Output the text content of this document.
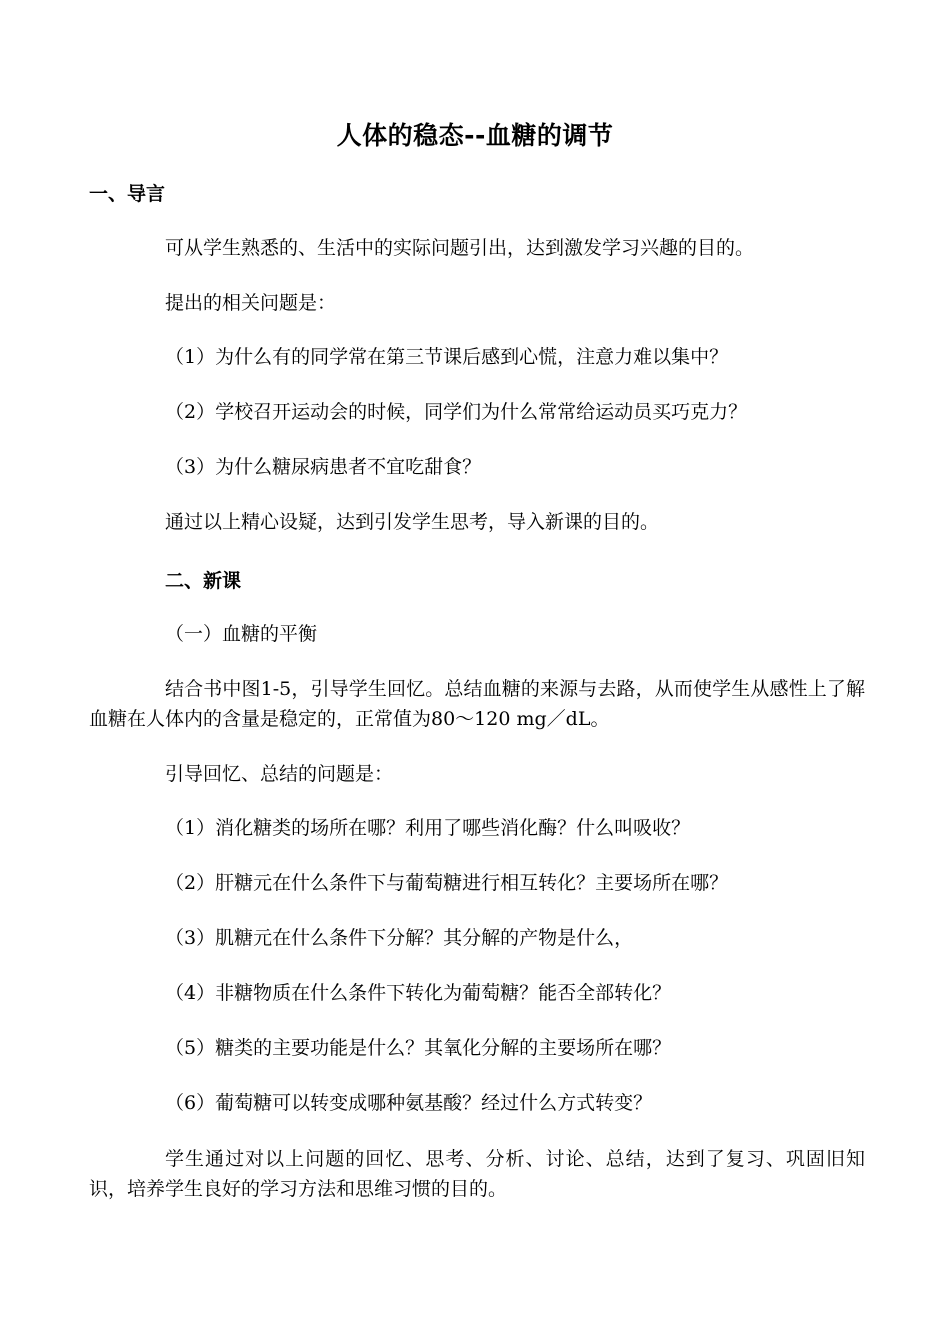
人体的稳态--血糖的调节
一、导言
可从学生熟悉的、生活中的实际问题引出，达到激发学习兴趣的目的。
提出的相关问题是：
（1）为什么有的同学常在第三节课后感到心慌，注意力难以集中？
（2）学校召开运动会的时候，同学们为什么常常给运动员买巧克力？
（3）为什么糖尿病患者不宜吃甜食？
通过以上精心设疑，达到引发学生思考，导入新课的目的。
二、新课
（一）血糖的平衡
结合书中图1-5，引导学生回忆。总结血糖的来源与去路，从而使学生从感性上了解血糖在人体内的含量是稳定的，正常值为80～120 mg／dL。
引导回忆、总结的问题是：
（1）消化糖类的场所在哪？利用了哪些消化酶？什么叫吸收？
（2）肝糖元在什么条件下与葡萄糖进行相互转化？主要场所在哪？
（3）肌糖元在什么条件下分解？其分解的产物是什么，
（4）非糖物质在什么条件下转化为葡萄糖？能否全部转化？
（5）糖类的主要功能是什么？其氧化分解的主要场所在哪？
（6）葡萄糖可以转变成哪种氨基酸？经过什么方式转变？
学生通过对以上问题的回忆、思考、分析、讨论、总结，达到了复习、巩固旧知识，培养学生良好的学习方法和思维习惯的目的。
